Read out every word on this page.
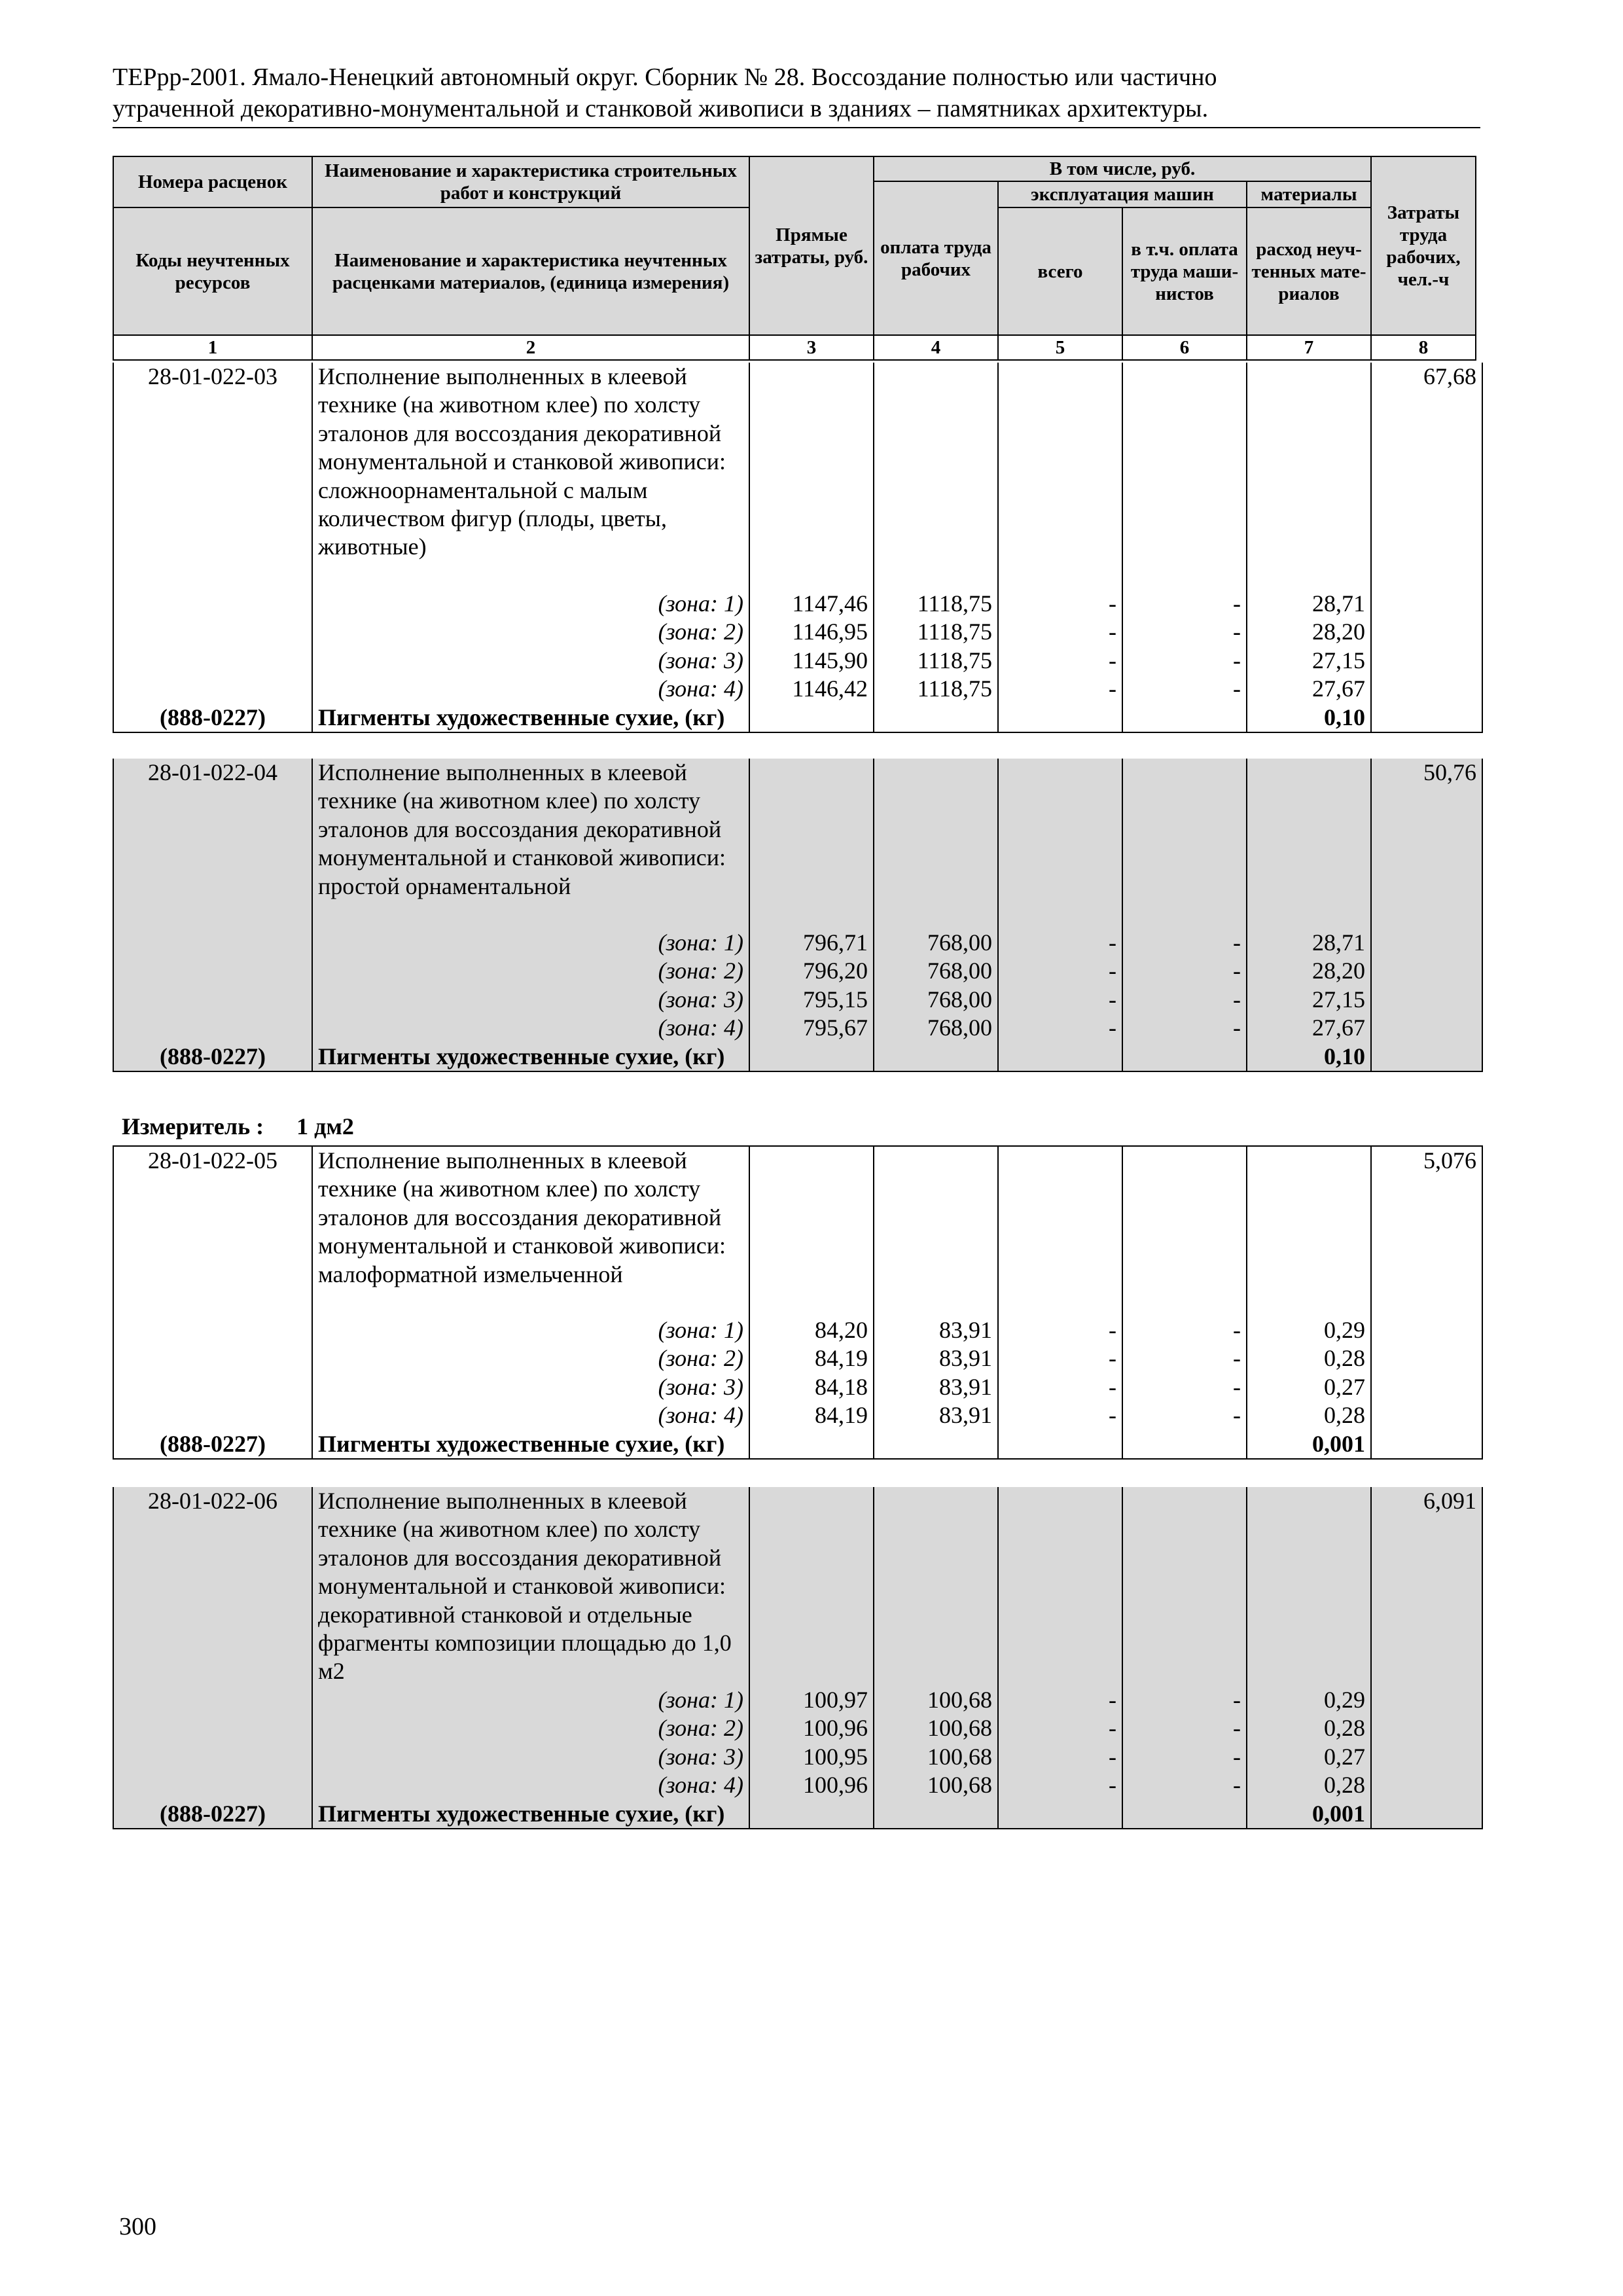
ТЕРрр-2001. Ямало-Ненецкий автономный округ. Сборник № 28. Воссоздание полностью или частично
утраченной декоративно-монументальной и станковой живописи в зданиях – памятниках архитектуры.
Номера расценок	Наименование и характеристика строительных работ и конструкций	Прямые затраты, руб.	В том числе, руб.				Затраты труда рабочих, чел.-ч
			оплата труда рабочих	эксплуатация машин		материалы	
Коды неучтенных ресурсов	Наименование и характеристика неучтенных расценками материалов, (единица измерения)			всего	в т.ч. оплата труда маши-нистов	расход неуч-тенных мате-риалов	

1	2	3	4	5	6	7	8
28-01-022-03	Исполнение выполненных в клеевой технике (на животном клее) по холсту эталонов для воссоздания декоративной монументальной и станковой живописи: сложноорнаментальной с малым количеством фигур (плоды, цветы, животные)						67,68
	(зона: 1)	1147,46	1118,75	-	-	28,71	
	(зона: 2)	1146,95	1118,75	-	-	28,20	
	(зона: 3)	1145,90	1118,75	-	-	27,15	
	(зона: 4)	1146,42	1118,75	-	-	27,67	
(888-0227)	Пигменты художественные сухие, (кг)					0,10	
28-01-022-04	Исполнение выполненных в клеевой технике (на животном клее) по холсту эталонов для воссоздания декоративной монументальной и станковой живописи: простой орнаментальной						50,76
	(зона: 1)	796,71	768,00	-	-	28,71	
	(зона: 2)	796,20	768,00	-	-	28,20	
	(зона: 3)	795,15	768,00	-	-	27,15	
	(зона: 4)	795,67	768,00	-	-	27,67	
(888-0227)	Пигменты художественные сухие, (кг)					0,10	
Измеритель : 1 дм2
28-01-022-05	Исполнение выполненных в клеевой технике (на животном клее) по холсту эталонов для воссоздания декоративной монументальной и станковой живописи: малоформатной измельченной						5,076
	(зона: 1)	84,20	83,91	-	-	0,29	
	(зона: 2)	84,19	83,91	-	-	0,28	
	(зона: 3)	84,18	83,91	-	-	0,27	
	(зона: 4)	84,19	83,91	-	-	0,28	
(888-0227)	Пигменты художественные сухие, (кг)					0,001	
28-01-022-06	Исполнение выполненных в клеевой технике (на животном клее) по холсту эталонов для воссоздания декоративной монументальной и станковой живописи: декоративной станковой и отдельные фрагменты композиции площадью до 1,0 м2						6,091
	(зона: 1)	100,97	100,68	-	-	0,29	
	(зона: 2)	100,96	100,68	-	-	0,28	
	(зона: 3)	100,95	100,68	-	-	0,27	
	(зона: 4)	100,96	100,68	-	-	0,28	
(888-0227)	Пигменты художественные сухие, (кг)					0,001	
300
